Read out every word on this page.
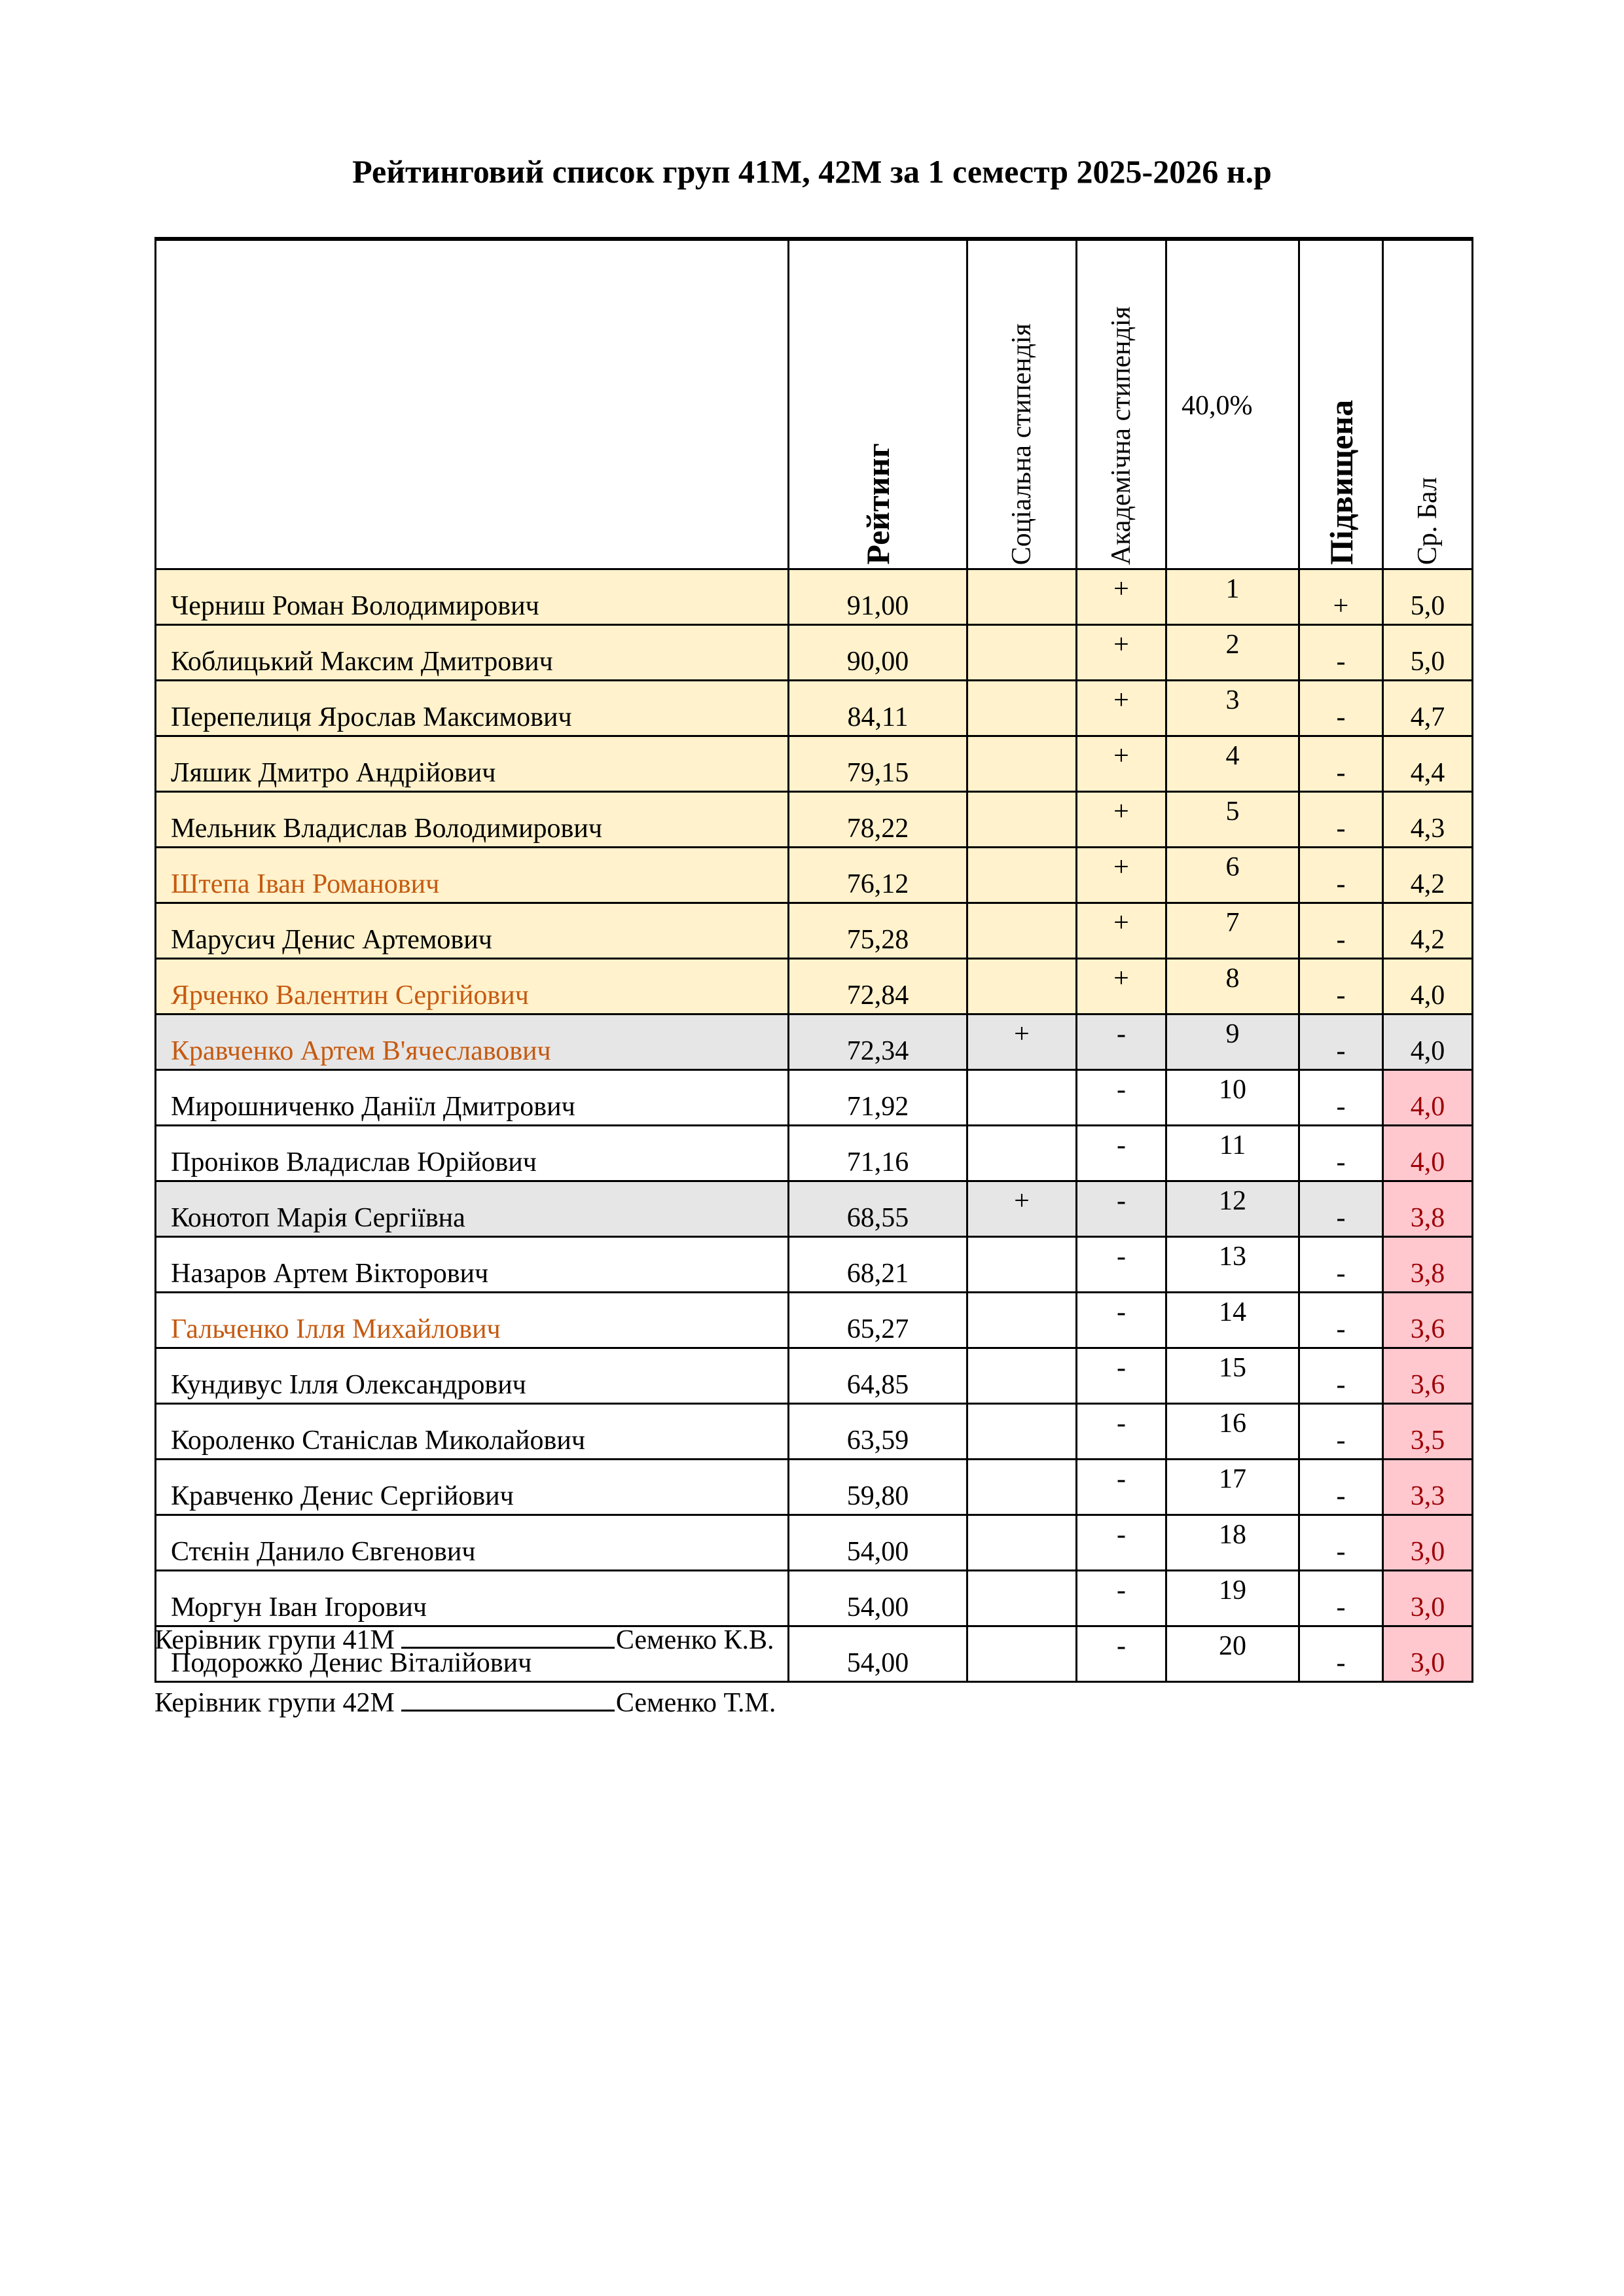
Рейтинговий список груп 41М, 42М за 1 семестр 2025-2026 н.р
	Рейтинг	Соціальна стипендія	Академічна стипендія	40,0%	Підвищена	Ср. Бал
Черниш Роман Володимирович	91,00		+	1	+	5,0
Коблицький Максим Дмитрович	90,00		+	2	-	5,0
Перепелиця Ярослав Максимович	84,11		+	3	-	4,7
Ляшик Дмитро Андрійович	79,15		+	4	-	4,4
Мельник Владислав Володимирович	78,22		+	5	-	4,3
Штепа Іван Романович	76,12		+	6	-	4,2
Марусич Денис Артемович	75,28		+	7	-	4,2
Ярченко Валентин Сергійович	72,84		+	8	-	4,0
Кравченко Артем В'ячеславович	72,34	+	-	9	-	4,0
Мирошниченко Даніїл Дмитрович	71,92		-	10	-	4,0
Проніков Владислав Юрійович	71,16		-	11	-	4,0
Конотоп Марія Сергіївна	68,55	+	-	12	-	3,8
Назаров Артем Вікторович	68,21		-	13	-	3,8
Гальченко Ілля Михайлович	65,27		-	14	-	3,6
Кундивус Ілля Олександрович	64,85		-	15	-	3,6
Короленко Станіслав Миколайович	63,59		-	16	-	3,5
Кравченко Денис Сергійович	59,80		-	17	-	3,3
Стєнін Данило Євгенович	54,00		-	18	-	3,0
Моргун Іван Ігорович	54,00		-	19	-	3,0
Подорожко Денис Віталійович	54,00		-	20	-	3,0
Керівник групи 41М	Семенко К.В.
Керівник групи 42М	Семенко Т.М.
